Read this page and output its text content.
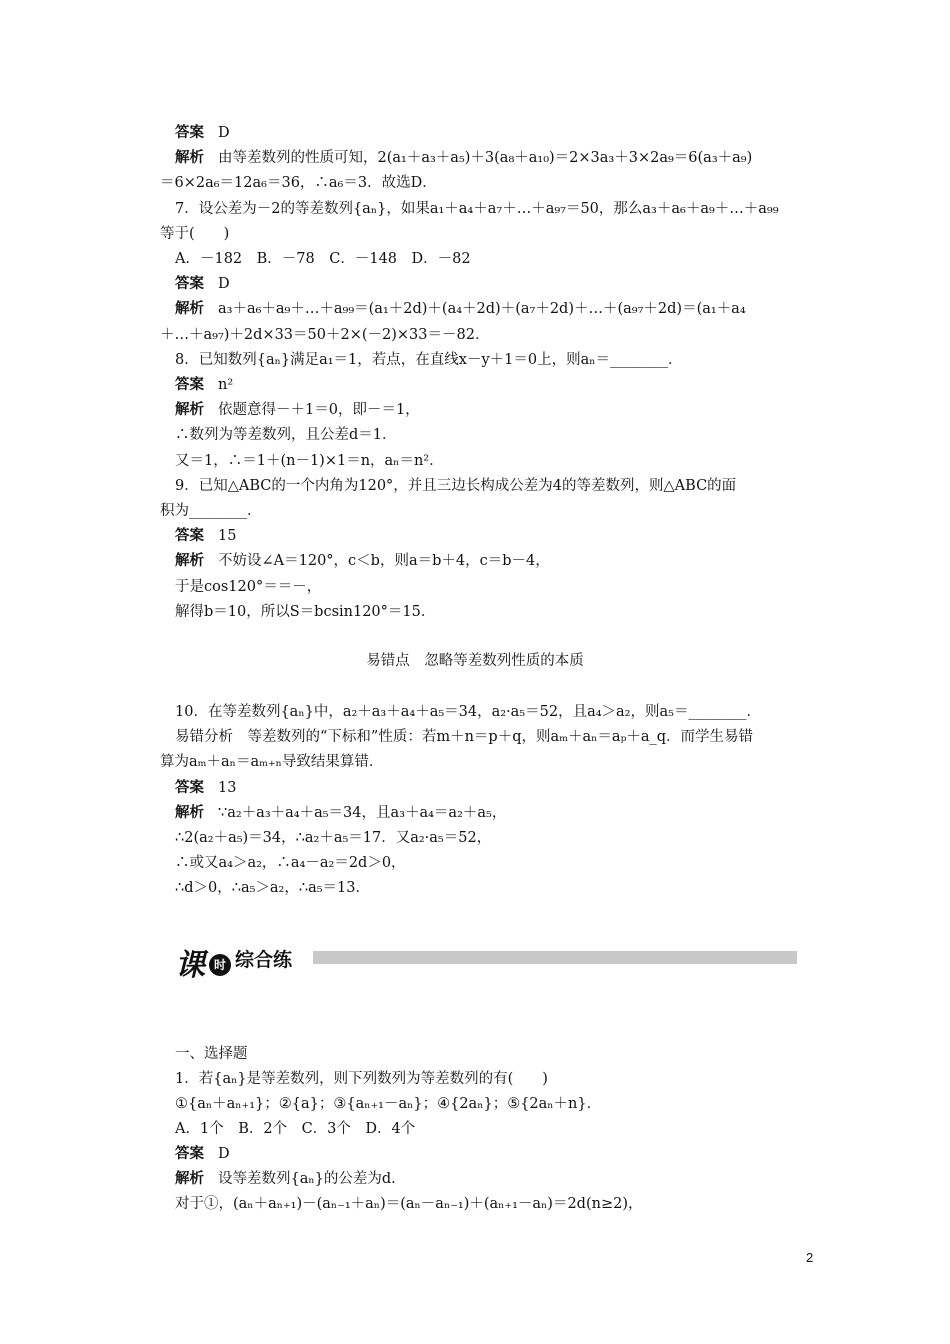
答案 D

解析 由等差数列的性质可知，2(a₁＋a₃＋a₅)＋3(a₈＋a₁₀)＝2×3a₃＋3×2a₉＝6(a₃＋a₉)

＝6×2a₆＝12a₆＝36，∴a₆＝3．故选D．

7．设公差为－2的等差数列{aₙ}，如果a₁＋a₄＋a₇＋…＋a₉₇＝50，那么a₃＋a₆＋a₉＋…＋a₉₉

等于(　　)

A．－182　B．－78　C．－148　D．－82

答案 D

解析 a₃＋a₆＋a₉＋…＋a₉₉＝(a₁＋2d)＋(a₄＋2d)＋(a₇＋2d)＋…＋(a₉₇＋2d)＝(a₁＋a₄

＋…＋a₉₇)＋2d×33＝50＋2×(－2)×33＝－82．

8．已知数列{aₙ}满足a₁＝1，若点，在直线x－y＋1＝0上，则aₙ＝________．

答案 n²

解析 依题意得－＋1＝0，即－＝1，

∴数列为等差数列，且公差d＝1．

又＝1，∴＝1＋(n－1)×1＝n，aₙ＝n²．

9．已知△ABC的一个内角为120°，并且三边长构成公差为4的等差数列，则△ABC的面

积为________．

答案 15

解析 不妨设∠A＝120°，c＜b，则a＝b＋4，c＝b－4，

于是cos120°＝＝－，

解得b＝10，所以S＝bcsin120°＝15．

易错点　忽略等差数列性质的本质

10．在等差数列{aₙ}中，a₂＋a₃＋a₄＋a₅＝34，a₂·a₅＝52，且a₄＞a₂，则a₅＝________．

易错分析　等差数列的“下标和”性质：若m＋n＝p＋q，则aₘ＋aₙ＝aₚ＋a_q．而学生易错

算为aₘ＋aₙ＝aₘ₊ₙ导致结果算错．

答案 13

解析 ∵a₂＋a₃＋a₄＋a₅＝34，且a₃＋a₄＝a₂＋a₅，

∴2(a₂＋a₅)＝34，∴a₂＋a₅＝17．又a₂·a₅＝52，

∴或又a₄＞a₂，∴a₄－a₂＝2d＞0，

∴d＞0，∴a₅＞a₂，∴a₅＝13．

课 时 综合练

一、选择题

1．若{aₙ}是等差数列，则下列数列为等差数列的有(　　)

①{aₙ＋aₙ₊₁}；②{a}；③{aₙ₊₁－aₙ}；④{2aₙ}；⑤{2aₙ＋n}．

A．1个　B．2个　C．3个　D．4个

答案 D

解析 设等差数列{aₙ}的公差为d.

对于①，(aₙ＋aₙ₊₁)－(aₙ₋₁＋aₙ)＝(aₙ－aₙ₋₁)＋(aₙ₊₁－aₙ)＝2d(n≥2)，

2
